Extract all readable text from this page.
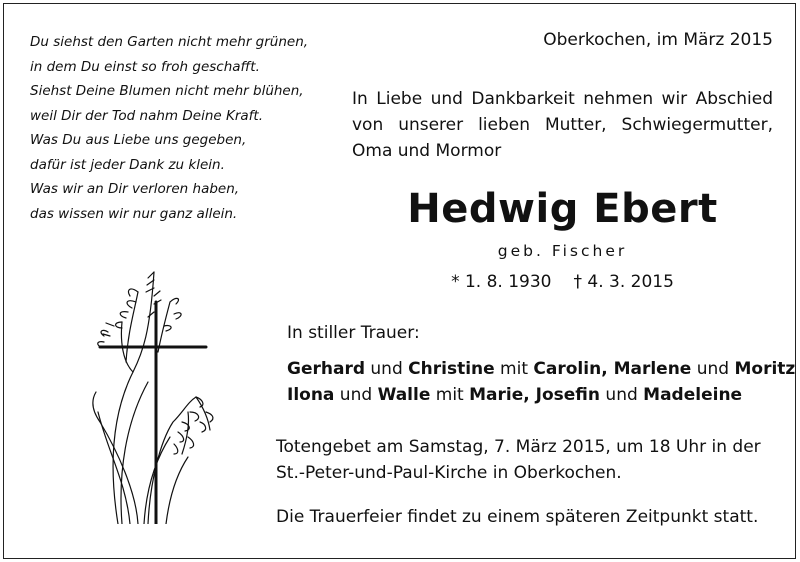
Du siehst den Garten nicht mehr grünen,
in dem Du einst so froh geschafft.
Siehst Deine Blumen nicht mehr blühen,
weil Dir der Tod nahm Deine Kraft.
Was Du aus Liebe uns gegeben,
dafür ist jeder Dank zu klein.
Was wir an Dir verloren haben,
das wissen wir nur ganz allein.
Oberkochen, im März 2015
In Liebe und Dankbarkeit nehmen wir Abschied
von unserer lieben Mutter, Schwiegermutter,
Oma und Mormor
Hedwig Ebert
geb. Fischer
* 1. 8. 1930 † 4. 3. 2015
In stiller Trauer:
Gerhard und Christine mit Carolin, Marlene und Moritz
Ilona und Walle mit Marie, Josefin und Madeleine
Totengebet am Samstag, 7. März 2015, um 18 Uhr in der
St.-Peter-und-Paul-Kirche in Oberkochen.
Die Trauerfeier findet zu einem späteren Zeitpunkt statt.
